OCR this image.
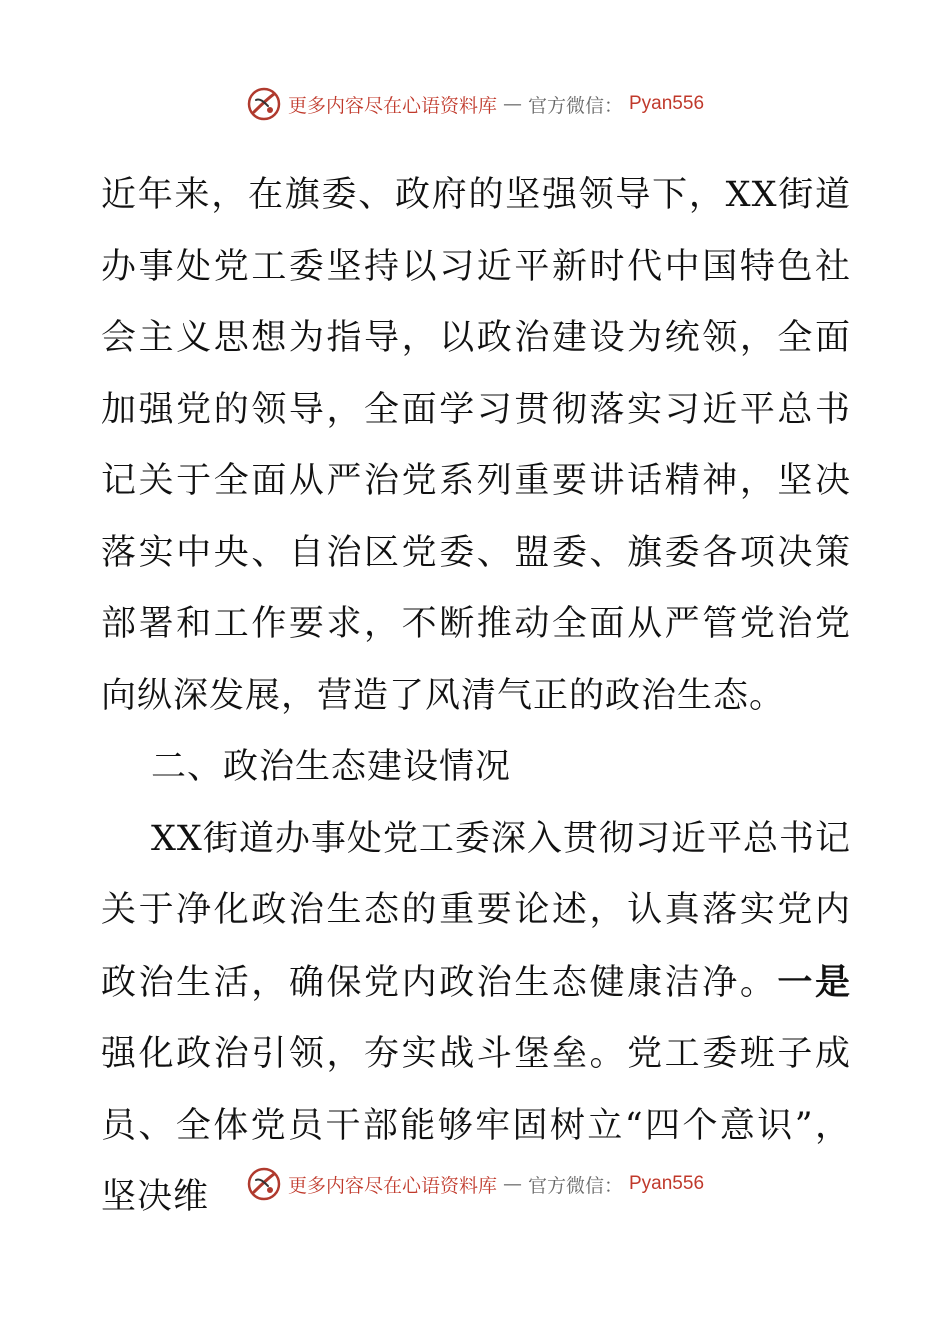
更多内容尽在心语资料库 — 官方微信： Pyan556

近年来，在旗委、政府的坚强领导下，XX街道办事处党工委坚持以习近平新时代中国特色社会主义思想为指导，以政治建设为统领，全面加强党的领导，全面学习贯彻落实习近平总书记关于全面从严治党系列重要讲话精神，坚决落实中央、自治区党委、盟委、旗委各项决策部署和工作要求，不断推动全面从严管党治党向纵深发展，营造了风清气正的政治生态。

二、政治生态建设情况

XX街道办事处党工委深入贯彻习近平总书记关于净化政治生态的重要论述，认真落实党内政治生活，确保党内政治生态健康洁净。一是强化政治引领，夯实战斗堡垒。党工委班子成员、全体党员干部能够牢固树立“四个意识”，坚决维	更多内容尽在心语资料库 — 官方微信： Pyan556
